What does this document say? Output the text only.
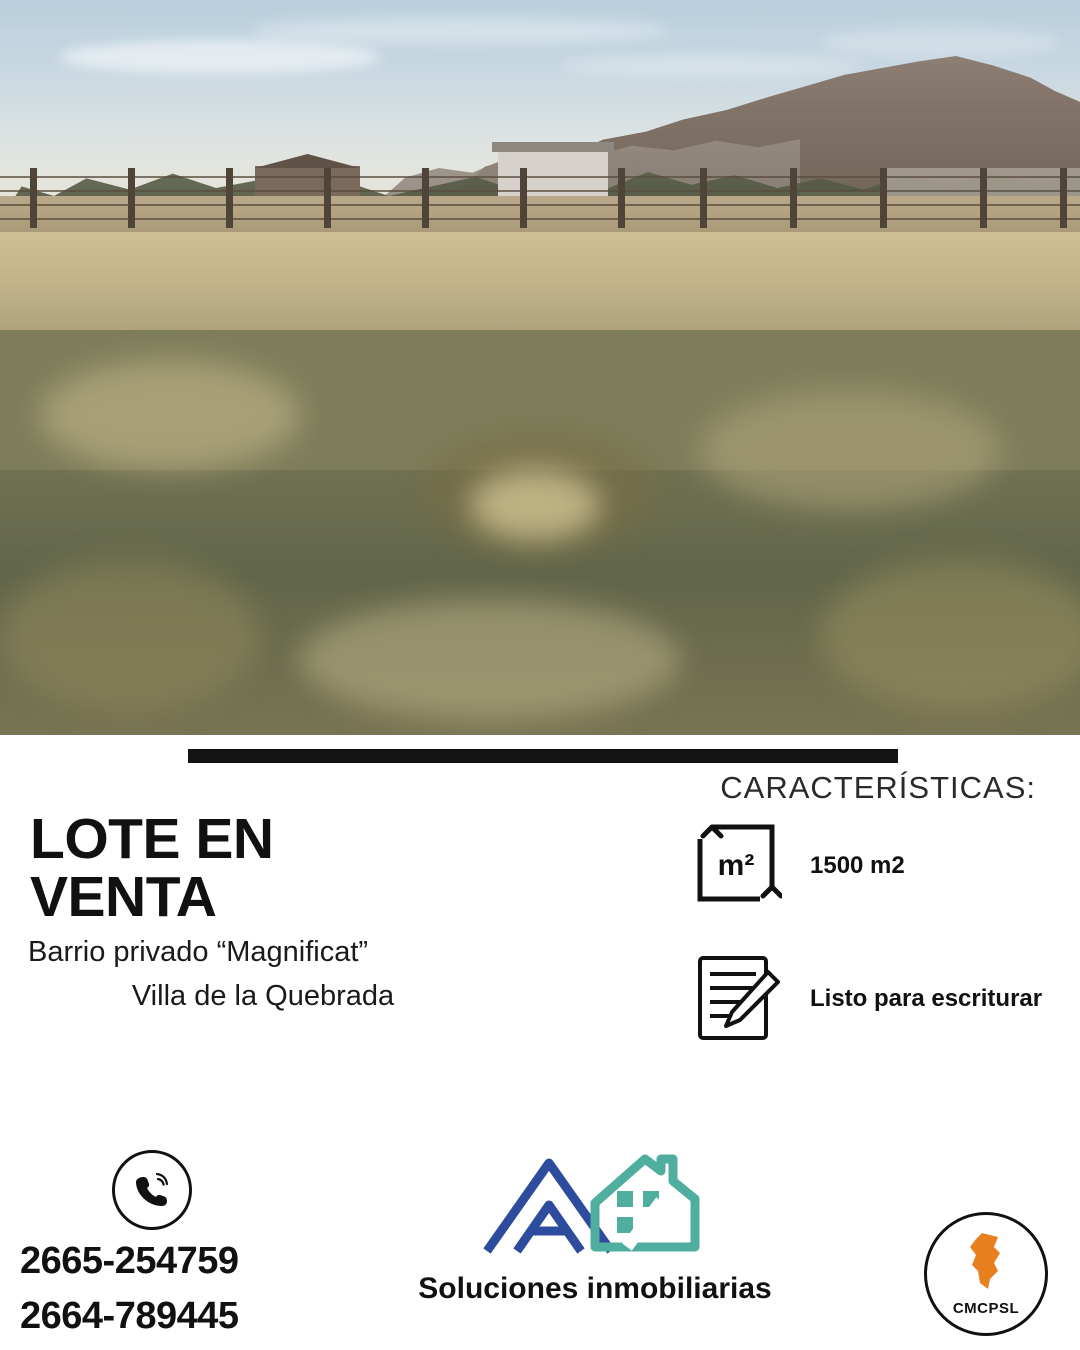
CARACTERÍSTICAS:
LOTE EN VENTA
Barrio privado “Magnificat”
Villa de la Quebrada
m² 1500 m2
Listo para escriturar
2665-254759
2664-789445
Soluciones inmobiliarias
CMCPSL
